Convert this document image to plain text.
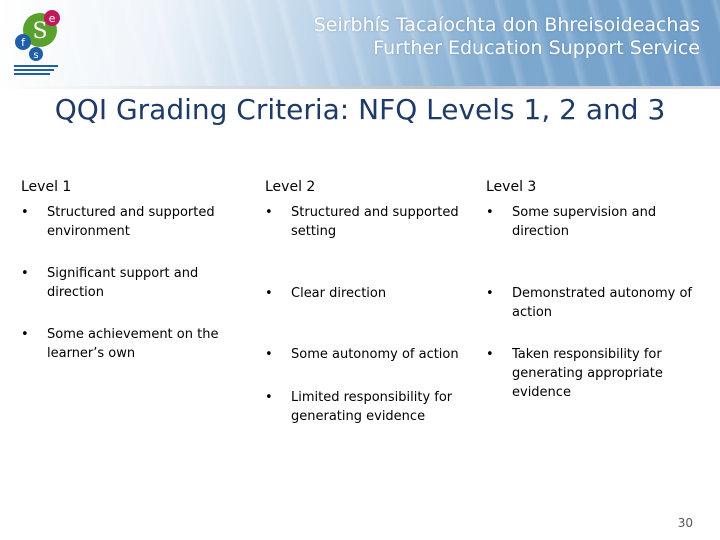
e
f S
s
Seirbhís Tacaíochta don Bhreisoideachas
Further Education Support Service
QQI Grading Criteria: NFQ Levels 1, 2 and 3
Level 1
•	Structured and supported environment
•	Significant support and direction
•	Some achievement on the learner’s own
Level 2
•	Structured and supported setting
•	Clear direction
•	Some autonomy of action
•	Limited responsibility for generating evidence
Level 3
•	Some supervision and direction
•	Demonstrated autonomy of action
•	Taken responsibility for generating appropriate evidence
30
